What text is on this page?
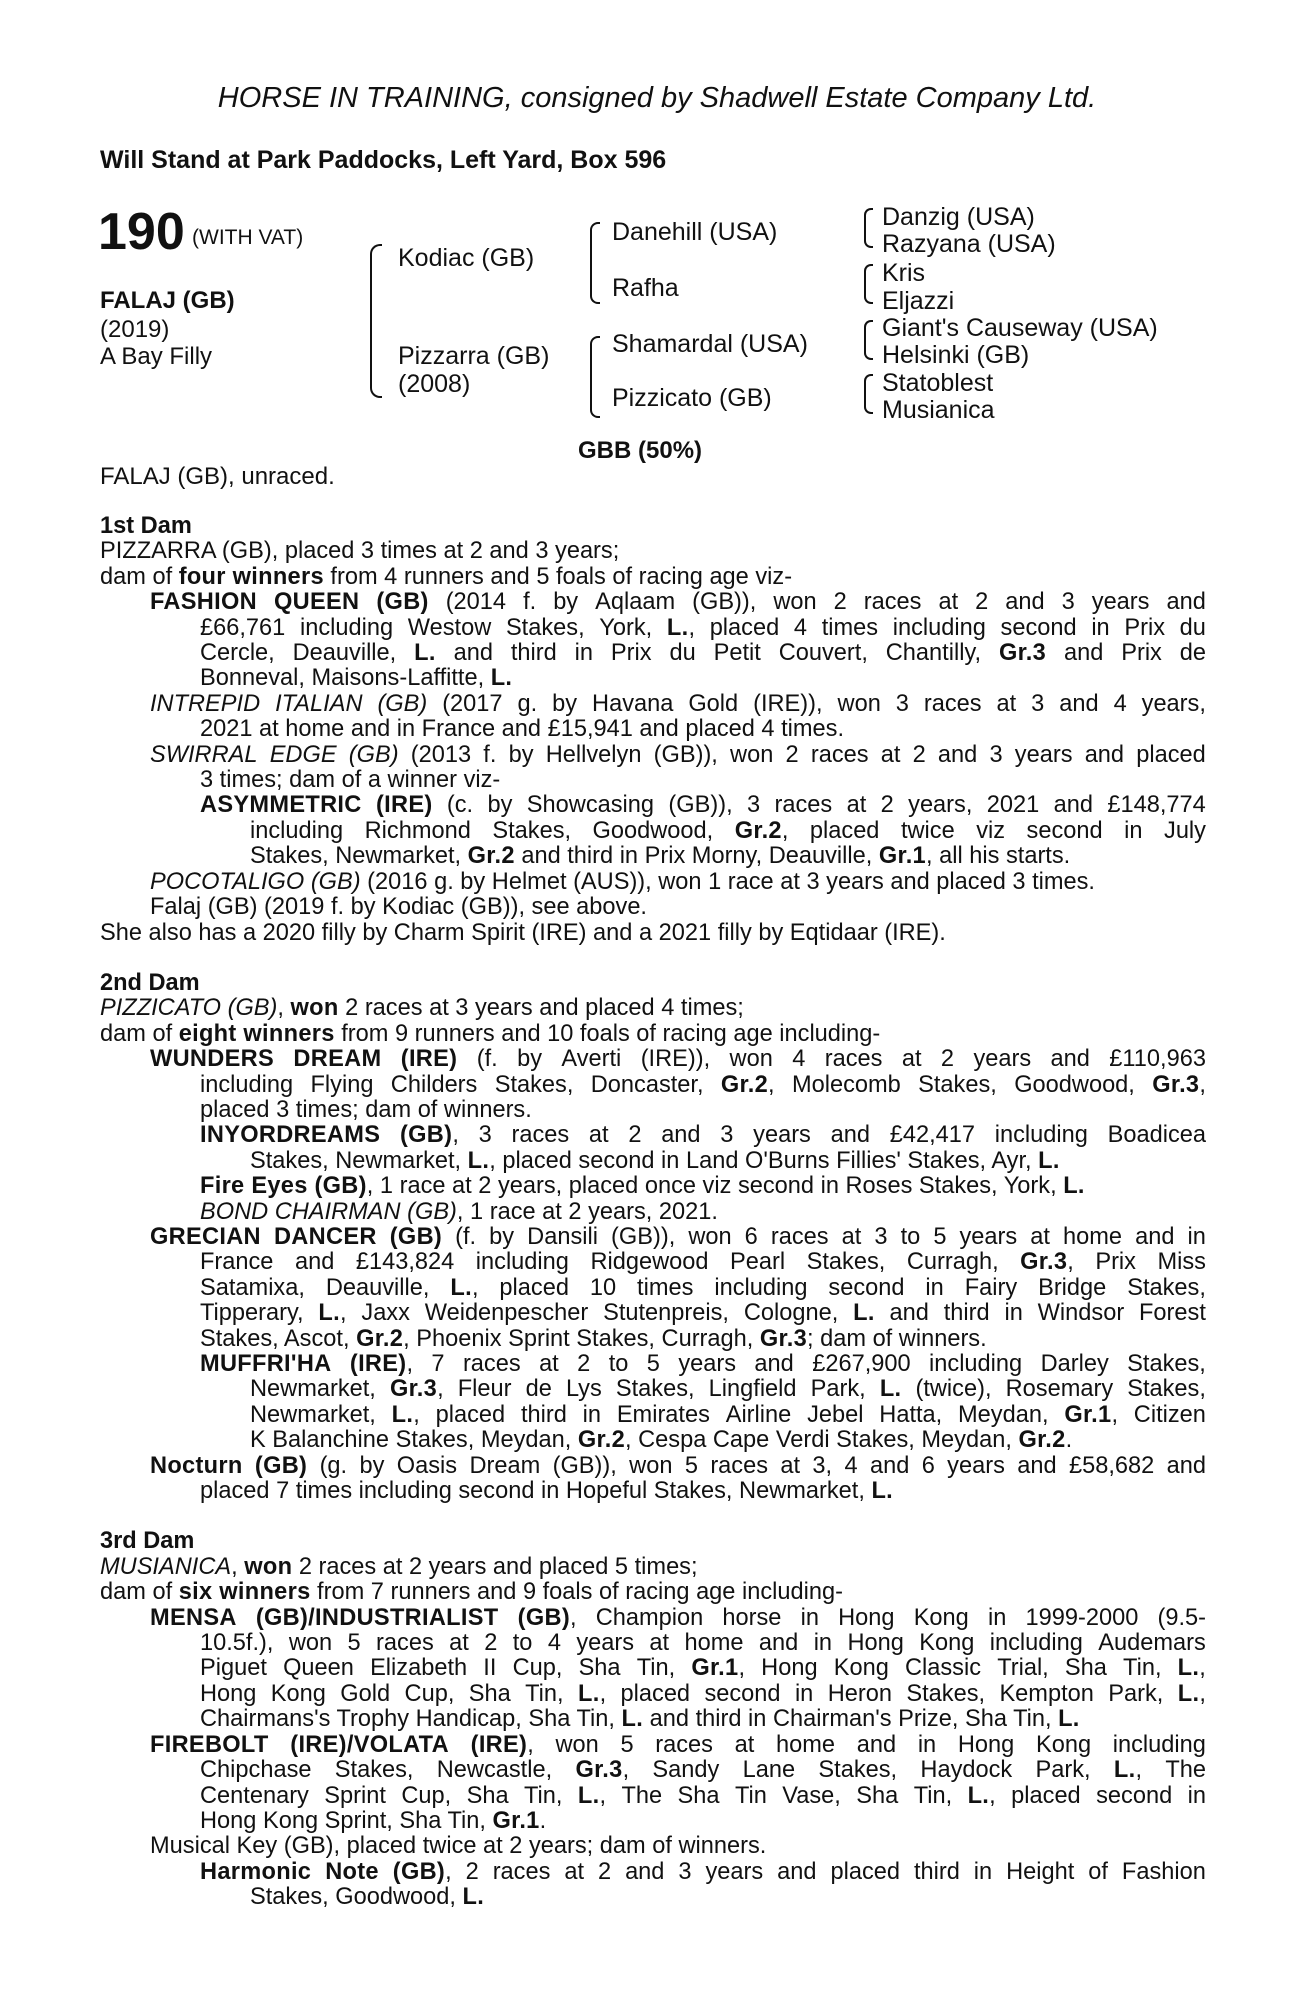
HORSE IN TRAINING, consigned by Shadwell Estate Company Ltd.
Will Stand at Park Paddocks, Left Yard, Box 596
190 (WITH VAT)
FALAJ (GB)
(2019)
A Bay Filly
Kodiac (GB)
Pizzarra (GB)
(2008)
Danehill (USA)
Rafha
Shamardal (USA)
Pizzicato (GB)
Danzig (USA)
Razyana (USA)
Kris
Eljazzi
Giant's Causeway (USA)
Helsinki (GB)
Statoblest
Musianica
GBB (50%)
FALAJ (GB), unraced.
1st Dam
PIZZARRA (GB), placed 3 times at 2 and 3 years;
dam of four winners from 4 runners and 5 foals of racing age viz-
FASHION QUEEN (GB) (2014 f. by Aqlaam (GB)), won 2 races at 2 and 3 years and
£66,761 including Westow Stakes, York, L., placed 4 times including second in Prix du
Cercle, Deauville, L. and third in Prix du Petit Couvert, Chantilly, Gr.3 and Prix de
Bonneval, Maisons-Laffitte, L.
INTREPID ITALIAN (GB) (2017 g. by Havana Gold (IRE)), won 3 races at 3 and 4 years,
2021 at home and in France and £15,941 and placed 4 times.
SWIRRAL EDGE (GB) (2013 f. by Hellvelyn (GB)), won 2 races at 2 and 3 years and placed
3 times; dam of a winner viz-
ASYMMETRIC (IRE) (c. by Showcasing (GB)), 3 races at 2 years, 2021 and £148,774
including Richmond Stakes, Goodwood, Gr.2, placed twice viz second in July
Stakes, Newmarket, Gr.2 and third in Prix Morny, Deauville, Gr.1, all his starts.
POCOTALIGO (GB) (2016 g. by Helmet (AUS)), won 1 race at 3 years and placed 3 times.
Falaj (GB) (2019 f. by Kodiac (GB)), see above.
She also has a 2020 filly by Charm Spirit (IRE) and a 2021 filly by Eqtidaar (IRE).
2nd Dam
PIZZICATO (GB), won 2 races at 3 years and placed 4 times;
dam of eight winners from 9 runners and 10 foals of racing age including-
WUNDERS DREAM (IRE) (f. by Averti (IRE)), won 4 races at 2 years and £110,963
including Flying Childers Stakes, Doncaster, Gr.2, Molecomb Stakes, Goodwood, Gr.3,
placed 3 times; dam of winners.
INYORDREAMS (GB), 3 races at 2 and 3 years and £42,417 including Boadicea
Stakes, Newmarket, L., placed second in Land O'Burns Fillies' Stakes, Ayr, L.
Fire Eyes (GB), 1 race at 2 years, placed once viz second in Roses Stakes, York, L.
BOND CHAIRMAN (GB), 1 race at 2 years, 2021.
GRECIAN DANCER (GB) (f. by Dansili (GB)), won 6 races at 3 to 5 years at home and in
France and £143,824 including Ridgewood Pearl Stakes, Curragh, Gr.3, Prix Miss
Satamixa, Deauville, L., placed 10 times including second in Fairy Bridge Stakes,
Tipperary, L., Jaxx Weidenpescher Stutenpreis, Cologne, L. and third in Windsor Forest
Stakes, Ascot, Gr.2, Phoenix Sprint Stakes, Curragh, Gr.3; dam of winners.
MUFFRI'HA (IRE), 7 races at 2 to 5 years and £267,900 including Darley Stakes,
Newmarket, Gr.3, Fleur de Lys Stakes, Lingfield Park, L. (twice), Rosemary Stakes,
Newmarket, L., placed third in Emirates Airline Jebel Hatta, Meydan, Gr.1, Citizen
K Balanchine Stakes, Meydan, Gr.2, Cespa Cape Verdi Stakes, Meydan, Gr.2.
Nocturn (GB) (g. by Oasis Dream (GB)), won 5 races at 3, 4 and 6 years and £58,682 and
placed 7 times including second in Hopeful Stakes, Newmarket, L.
3rd Dam
MUSIANICA, won 2 races at 2 years and placed 5 times;
dam of six winners from 7 runners and 9 foals of racing age including-
MENSA (GB)/INDUSTRIALIST (GB), Champion horse in Hong Kong in 1999-2000 (9.5-
10.5f.), won 5 races at 2 to 4 years at home and in Hong Kong including Audemars
Piguet Queen Elizabeth II Cup, Sha Tin, Gr.1, Hong Kong Classic Trial, Sha Tin, L.,
Hong Kong Gold Cup, Sha Tin, L., placed second in Heron Stakes, Kempton Park, L.,
Chairmans's Trophy Handicap, Sha Tin, L. and third in Chairman's Prize, Sha Tin, L.
FIREBOLT (IRE)/VOLATA (IRE), won 5 races at home and in Hong Kong including
Chipchase Stakes, Newcastle, Gr.3, Sandy Lane Stakes, Haydock Park, L., The
Centenary Sprint Cup, Sha Tin, L., The Sha Tin Vase, Sha Tin, L., placed second in
Hong Kong Sprint, Sha Tin, Gr.1.
Musical Key (GB), placed twice at 2 years; dam of winners.
Harmonic Note (GB), 2 races at 2 and 3 years and placed third in Height of Fashion
Stakes, Goodwood, L.
